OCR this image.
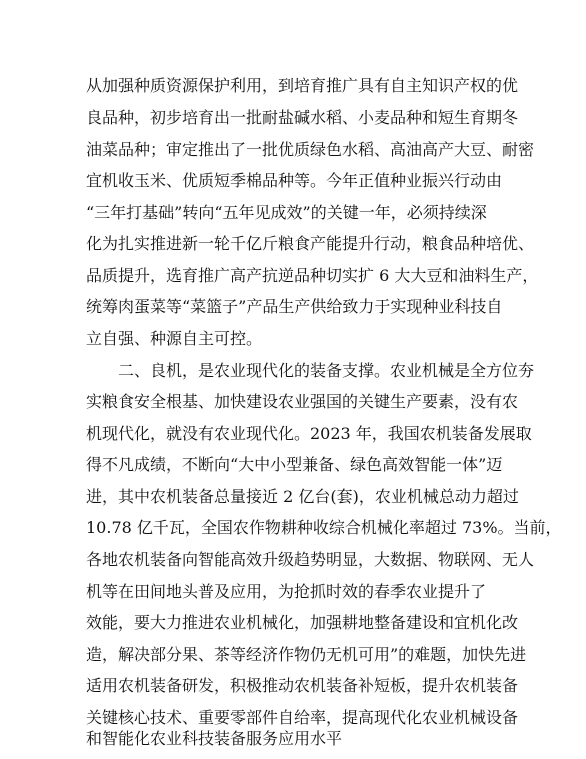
从加强种质资源保护利用，到培育推广具有自主知识产权的优
良品种，初步培育出一批耐盐碱水稻、小麦品种和短生育期冬
油菜品种；审定推出了一批优质绿色水稻、高油高产大豆、耐密
宜机收玉米、优质短季棉品种等。今年正值种业振兴行动由
“三年打基础”转向“五年见成效”的关键一年，必须持续深
化为扎实推进新一轮千亿斤粮食产能提升行动，粮食品种培优、
品质提升，选育推广高产抗逆品种切实扩 6 大大豆和油料生产，
统筹肉蛋菜等“菜篮子”产品生产供给致力于实现种业科技自
立自强、种源自主可控。
二、良机，是农业现代化的装备支撑。农业机械是全方位夯
实粮食安全根基、加快建设农业强国的关键生产要素，没有农
机现代化，就没有农业现代化。2023 年，我国农机装备发展取
得不凡成绩，不断向“大中小型兼备、绿色高效智能一体”迈
进，其中农机装备总量接近 2 亿台(套)，农业机械总动力超过
10.78 亿千瓦，全国农作物耕种收综合机械化率超过 73%。当前，
各地农机装备向智能高效升级趋势明显，大数据、物联网、无人
机等在田间地头普及应用，为抢抓时效的春季农业提升了
效能，要大力推进农业机械化，加强耕地整备建设和宜机化改
造，解决部分果、茶等经济作物仍无机可用”的难题，加快先进
适用农机装备研发，积极推动农机装备补短板，提升农机装备
关键核心技术、重要零部件自给率，提高现代化农业机械设备
和智能化农业科技装备服务应用水平
